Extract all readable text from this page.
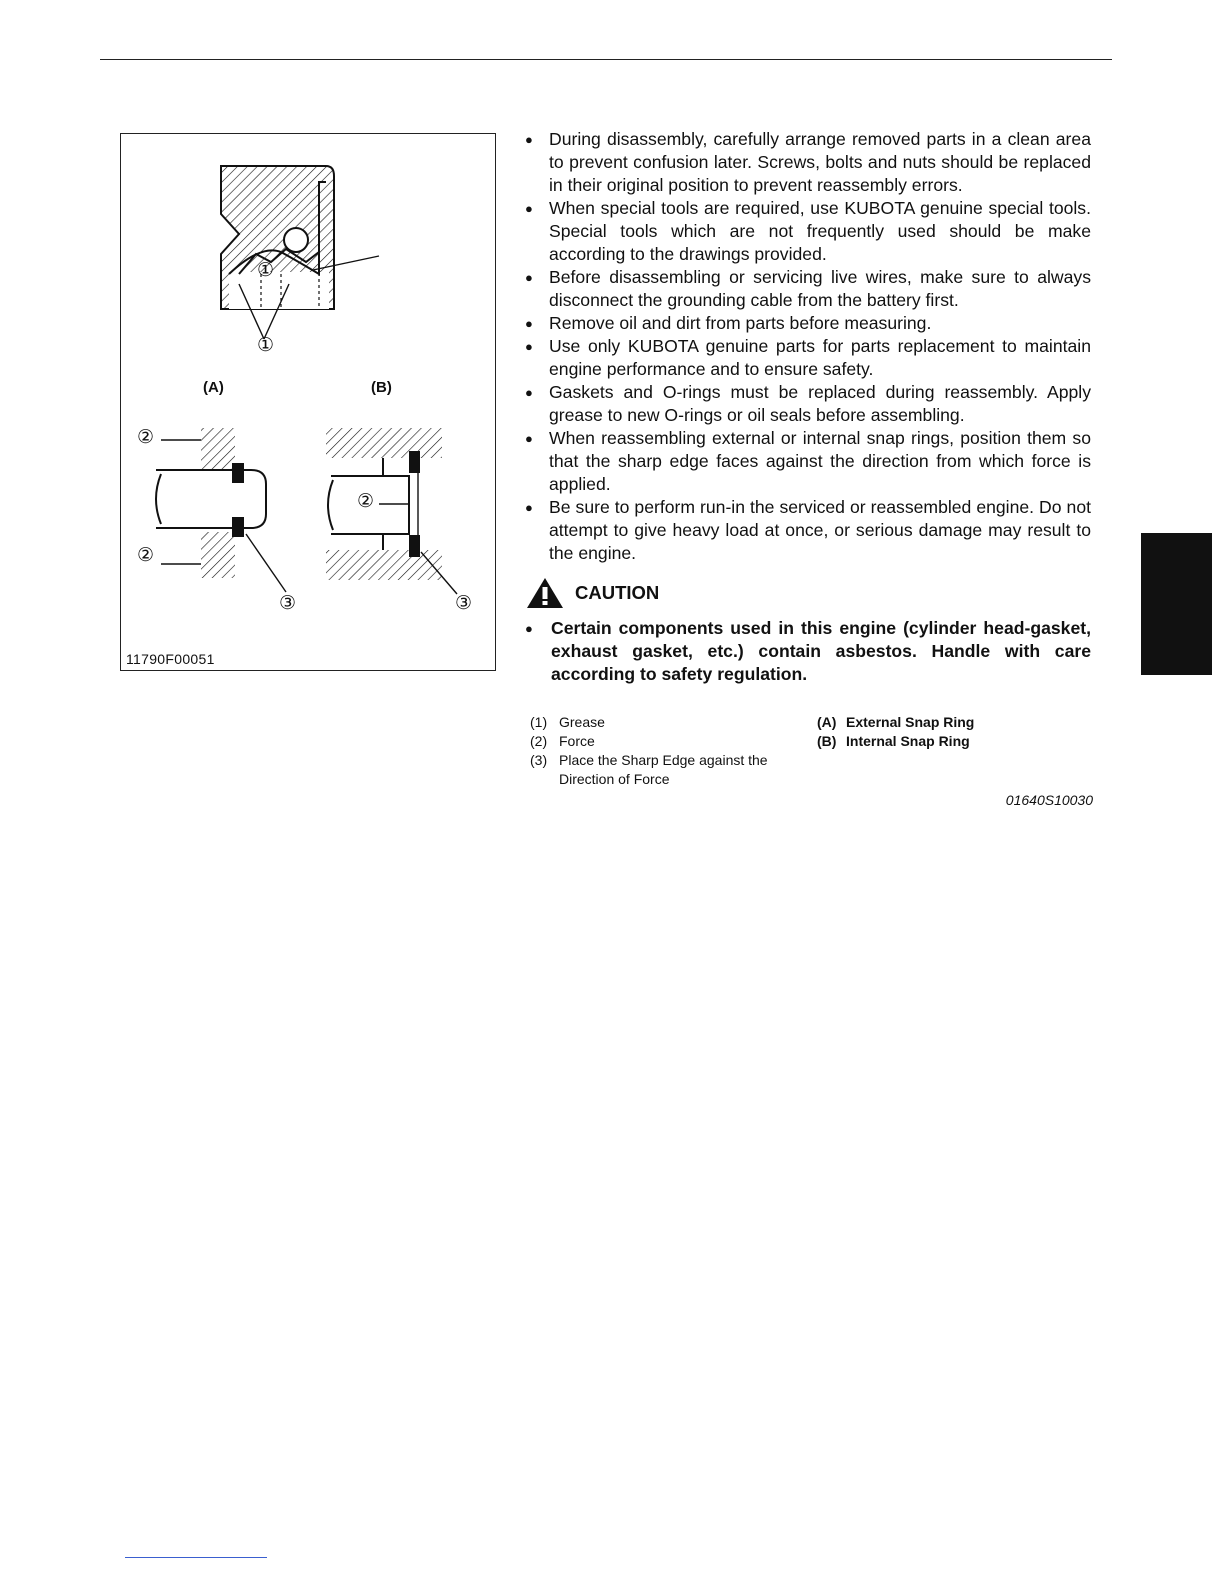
①
①
(A)	(B)
②
②
②
③	③
11790F00051
● During disassembly, carefully arrange removed parts in a clean area to prevent confusion later. Screws, bolts and nuts should be replaced in their original position to prevent reassembly errors.
● When special tools are required, use KUBOTA genuine special tools. Special tools which are not frequently used should be make according to the drawings provided.
● Before disassembling or servicing live wires, make sure to always disconnect the grounding cable from the battery first.
● Remove oil and dirt from parts before measuring.
● Use only KUBOTA genuine parts for parts replacement to maintain engine performance and to ensure safety.
● Gaskets and O-rings must be replaced during reassembly. Apply grease to new O-rings or oil seals before assembling.
● When reassembling external or internal snap rings, position them so that the sharp edge faces against the direction from which force is applied.
● Be sure to perform run-in the serviced or reassembled engine. Do not attempt to give heavy load at once, or serious damage may result to the engine.
CAUTION
● Certain components used in this engine (cylinder head-gasket, exhaust gasket, etc.) contain asbestos. Handle with care according to safety regulation.
(1) Grease
(2) Force
(3) Place the Sharp Edge against the Direction of Force
(A) External Snap Ring
(B) Internal Snap Ring
01640S10030
